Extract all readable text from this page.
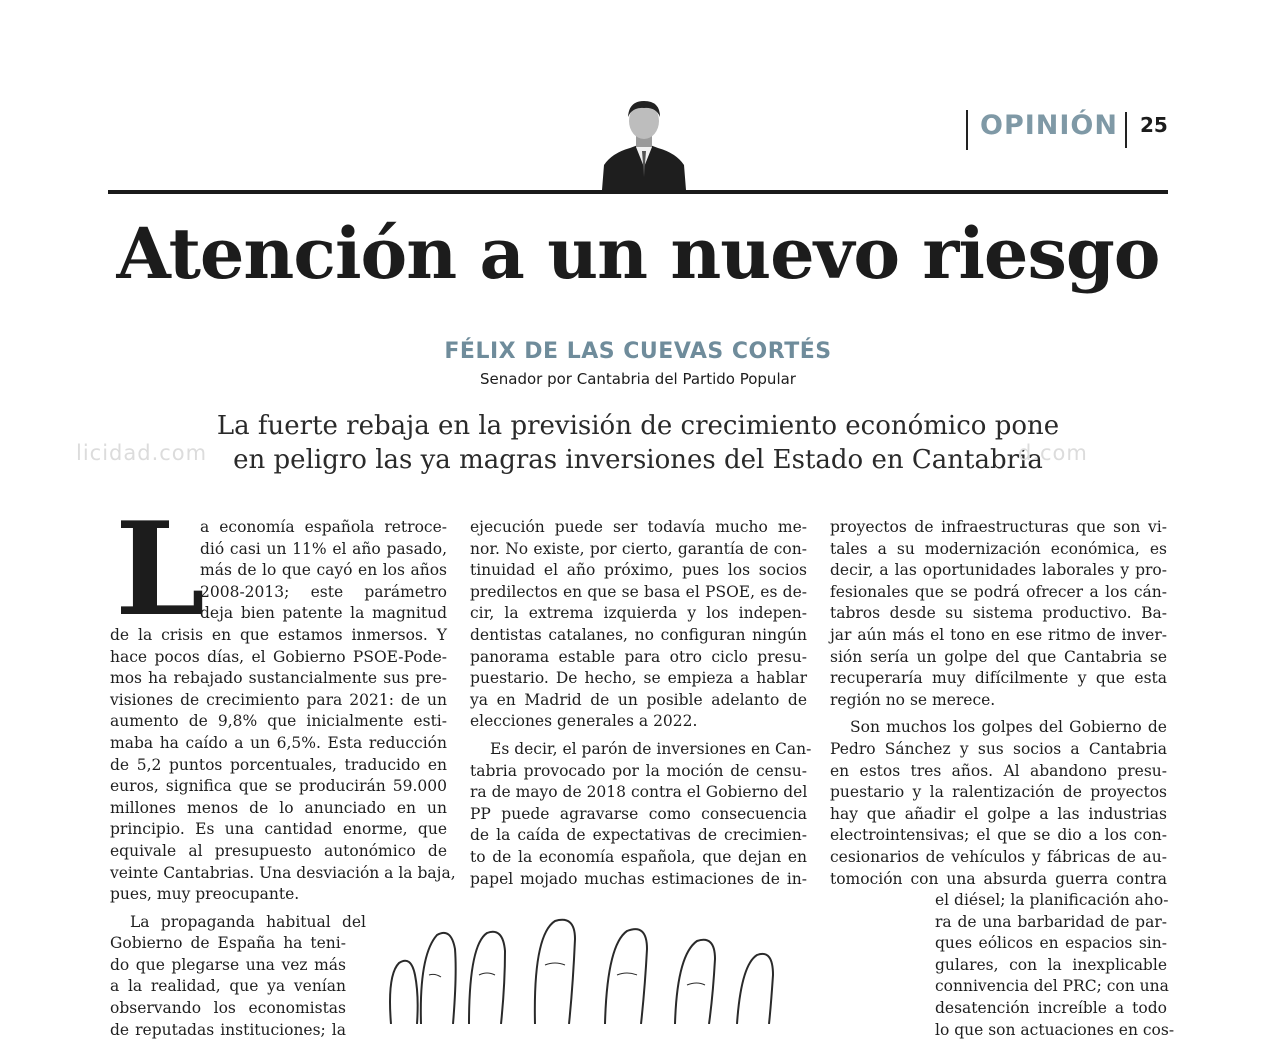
OPINIÓN 25
Atención a un nuevo riesgo
FÉLIX DE LAS CUEVAS CORTÉS
Senador por Cantabria del Partido Popular
La fuerte rebaja en la previsión de crecimiento económico pone
en peligro las ya magras inversiones del Estado en Cantabria
licidad.com	d.com
L
a economía española retroce-
dió casi un 11% el año pasado,
más de lo que cayó en los años
2008-2013; este parámetro
deja bien patente la magnitud
de la crisis en que estamos inmersos. Y
hace pocos días, el Gobierno PSOE-Pode-
mos ha rebajado sustancialmente sus pre-
visiones de crecimiento para 2021: de un
aumento de 9,8% que inicialmente esti-
maba ha caído a un 6,5%. Esta reducción
de 5,2 puntos porcentuales, traducido en
euros, significa que se producirán 59.000
millones menos de lo anunciado en un
principio. Es una cantidad enorme, que
equivale al presupuesto autonómico de
veinte Cantabrias. Una desviación a la baja,
pues, muy preocupante.
La propaganda habitual del
Gobierno de España ha teni-
do que plegarse una vez más
a la realidad, que ya venían
observando los economistas
de reputadas instituciones; la
ejecución puede ser todavía mucho me-
nor. No existe, por cierto, garantía de con-
tinuidad el año próximo, pues los socios
predilectos en que se basa el PSOE, es de-
cir, la extrema izquierda y los indepen-
dentistas catalanes, no configuran ningún
panorama estable para otro ciclo presu-
puestario. De hecho, se empieza a hablar
ya en Madrid de un posible adelanto de
elecciones generales a 2022.
Es decir, el parón de inversiones en Can-
tabria provocado por la moción de censu-
ra de mayo de 2018 contra el Gobierno del
PP puede agravarse como consecuencia
de la caída de expectativas de crecimien-
to de la economía española, que dejan en
papel mojado muchas estimaciones de in-
proyectos de infraestructuras que son vi-
tales a su modernización económica, es
decir, a las oportunidades laborales y pro-
fesionales que se podrá ofrecer a los cán-
tabros desde su sistema productivo. Ba-
jar aún más el tono en ese ritmo de inver-
sión sería un golpe del que Cantabria se
recuperaría muy difícilmente y que esta
región no se merece.
Son muchos los golpes del Gobierno de
Pedro Sánchez y sus socios a Cantabria
en estos tres años. Al abandono presu-
puestario y la ralentización de proyectos
hay que añadir el golpe a las industrias
electrointensivas; el que se dio a los con-
cesionarios de vehículos y fábricas de au-
tomoción con una absurda guerra contra
el diésel; la planificación aho-
ra de una barbaridad de par-
ques eólicos en espacios sin-
gulares, con la inexplicable
connivencia del PRC; con una
desatención increíble a todo
lo que son actuaciones en cos-
